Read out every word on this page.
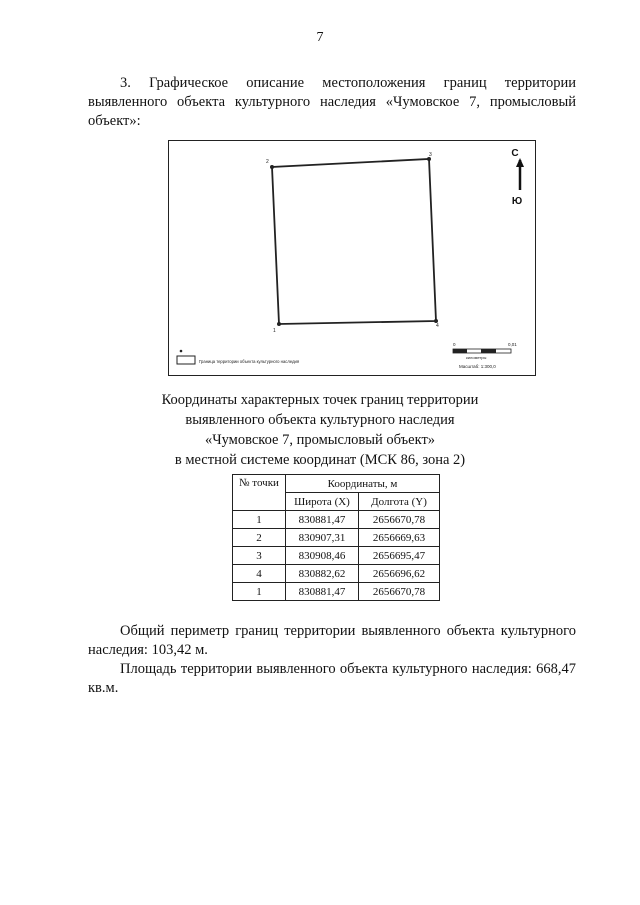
7

3. Графическое описание местоположения границ территории выявленного объекта культурного наследия «Чумовское 7, промысловый объект»:

1
2
3
4
С
Ю
Граница территории объекта культурного наследия
0	0,01
километры
Масштаб: 1:300,0
Координаты характерных точек границ территории
выявленного объекта культурного наследия
«Чумовское 7, промысловый объект»
в местной системе координат (МСК 86, зона 2)
№ точки	Координаты, м	
	Широта (X)	Долгота (Y)
1	830881,47	2656670,78
2	830907,31	2656669,63
3	830908,46	2656695,47
4	830882,62	2656696,62
1	830881,47	2656670,78

Общий периметр границ территории выявленного объекта культурного наследия: 103,42 м.

Площадь территории выявленного объекта культурного наследия: 668,47 кв.м.
